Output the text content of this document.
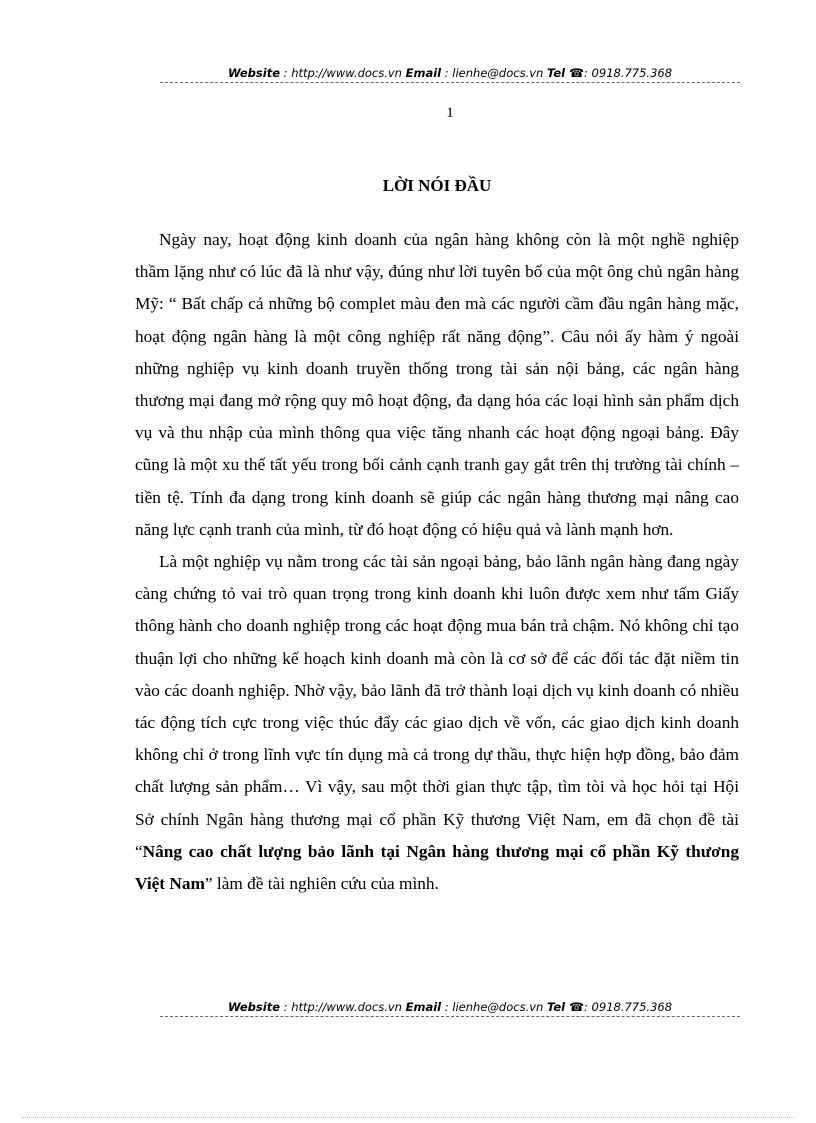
Website : http://www.docs.vn Email : lienhe@docs.vn Tel ☎: 0918.775.368
1
LỜI NÓI ĐẦU

Ngày nay, hoạt động kinh doanh của ngân hàng không còn là một nghề nghiệp thầm lặng như có lúc đã là như vậy, đúng như lời tuyên bố của một ông chủ ngân hàng Mỹ: “ Bất chấp cả những bộ complet màu đen mà các người cầm đầu ngân hàng mặc, hoạt động ngân hàng là một công nghiệp rất năng động”. Câu nói ấy hàm ý ngoài những nghiệp vụ kinh doanh truyền thống trong tài sản nội bảng, các ngân hàng thương mại đang mở rộng quy mô hoạt động, đa dạng hóa các loại hình sản phẩm dịch vụ và thu nhập của mình thông qua việc tăng nhanh các hoạt động ngoại bảng. Đây cũng là một xu thế tất yếu trong bối cảnh cạnh tranh gay gắt trên thị trường tài chính – tiền tệ. Tính đa dạng trong kinh doanh sẽ giúp các ngân hàng thương mại nâng cao năng lực cạnh tranh của mình, từ đó hoạt động có hiệu quả và lành mạnh hơn.

Là một nghiệp vụ nằm trong các tài sản ngoại bảng, bảo lãnh ngân hàng đang ngày càng chứng tỏ vai trò quan trọng trong kinh doanh khi luôn được xem như tấm Giấy thông hành cho doanh nghiệp trong các hoạt động mua bán trả chậm. Nó không chỉ tạo thuận lợi cho những kế hoạch kinh doanh mà còn là cơ sở để các đối tác đặt niềm tin vào các doanh nghiệp. Nhờ vậy, bảo lãnh đã trở thành loại dịch vụ kinh doanh có nhiều tác động tích cực trong việc thúc đẩy các giao dịch về vốn, các giao dịch kinh doanh không chỉ ở trong lĩnh vực tín dụng mà cả trong dự thầu, thực hiện hợp đồng, bảo đảm chất lượng sản phẩm… Vì vậy, sau một thời gian thực tập, tìm tòi và học hỏi tại Hội Sở chính Ngân hàng thương mại cổ phần Kỹ thương Việt Nam, em đã chọn đề tài “Nâng cao chất lượng bảo lãnh tại Ngân hàng thương mại cổ phần Kỹ thương Việt Nam” làm đề tài nghiên cứu của mình.

Website : http://www.docs.vn Email : lienhe@docs.vn Tel ☎: 0918.775.368
